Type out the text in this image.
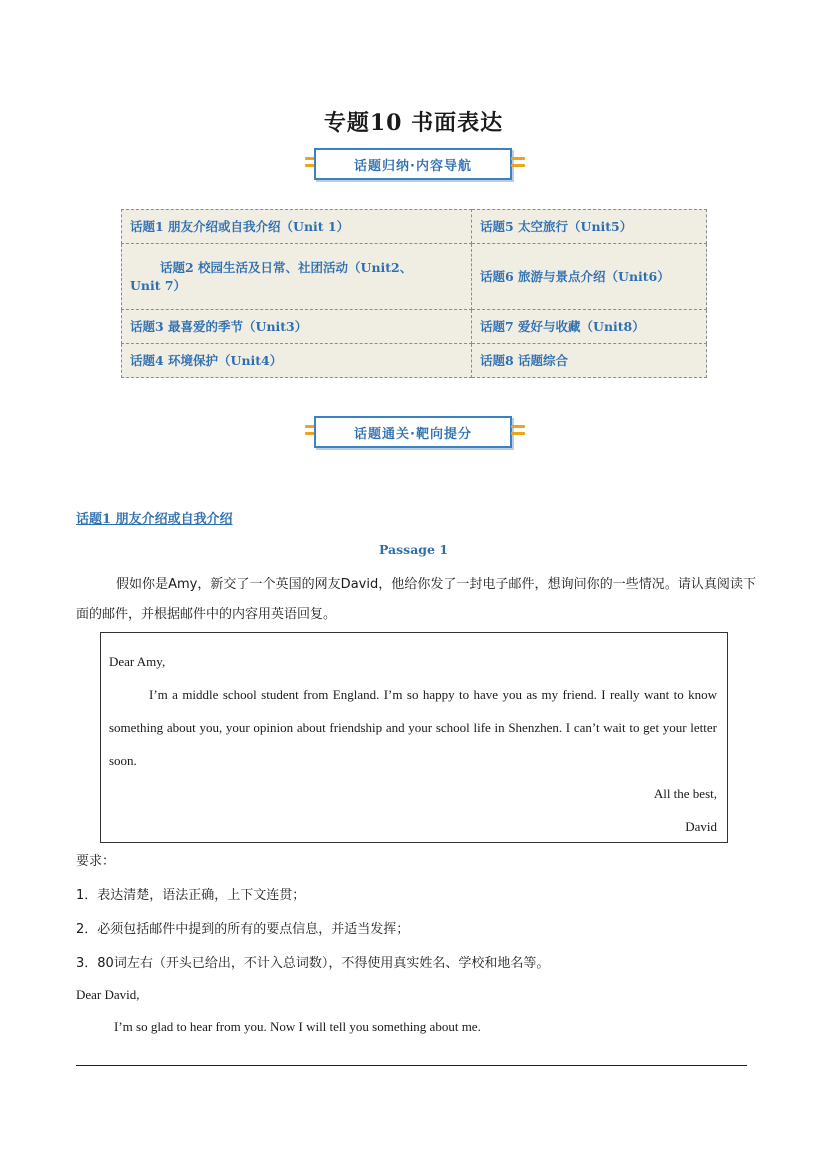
专题10 书面表达
话题归纳·内容导航
话题1 朋友介绍或自我介绍（Unit 1）	话题5 太空旅行（Unit5）

话题2 校园生活及日常、社团活动（Unit2、
Unit 7）	话题6 旅游与景点介绍（Unit6）
话题3 最喜爱的季节（Unit3）	话题7 爱好与收藏（Unit8）
话题4 环境保护（Unit4）	话题8 话题综合
话题通关·靶向提分
话题1 朋友介绍或自我介绍
Passage 1
假如你是Amy，新交了一个英国的网友David，他给你发了一封电子邮件，想询问你的一些情况。请认真阅读下面的邮件，并根据邮件中的内容用英语回复。

Dear Amy,

I’m a middle school student from England. I’m so happy to have you as my friend. I really want to know something about you, your opinion about friendship and your school life in Shenzhen. I can’t wait to get your letter soon.

All the best,

David

要求：

1．表达清楚，语法正确，上下文连贯；

2．必须包括邮件中提到的所有的要点信息，并适当发挥；

3．80词左右（开头已给出，不计入总词数），不得使用真实姓名、学校和地名等。

Dear David,
I’m so glad to hear from you. Now I will tell you something about me.
